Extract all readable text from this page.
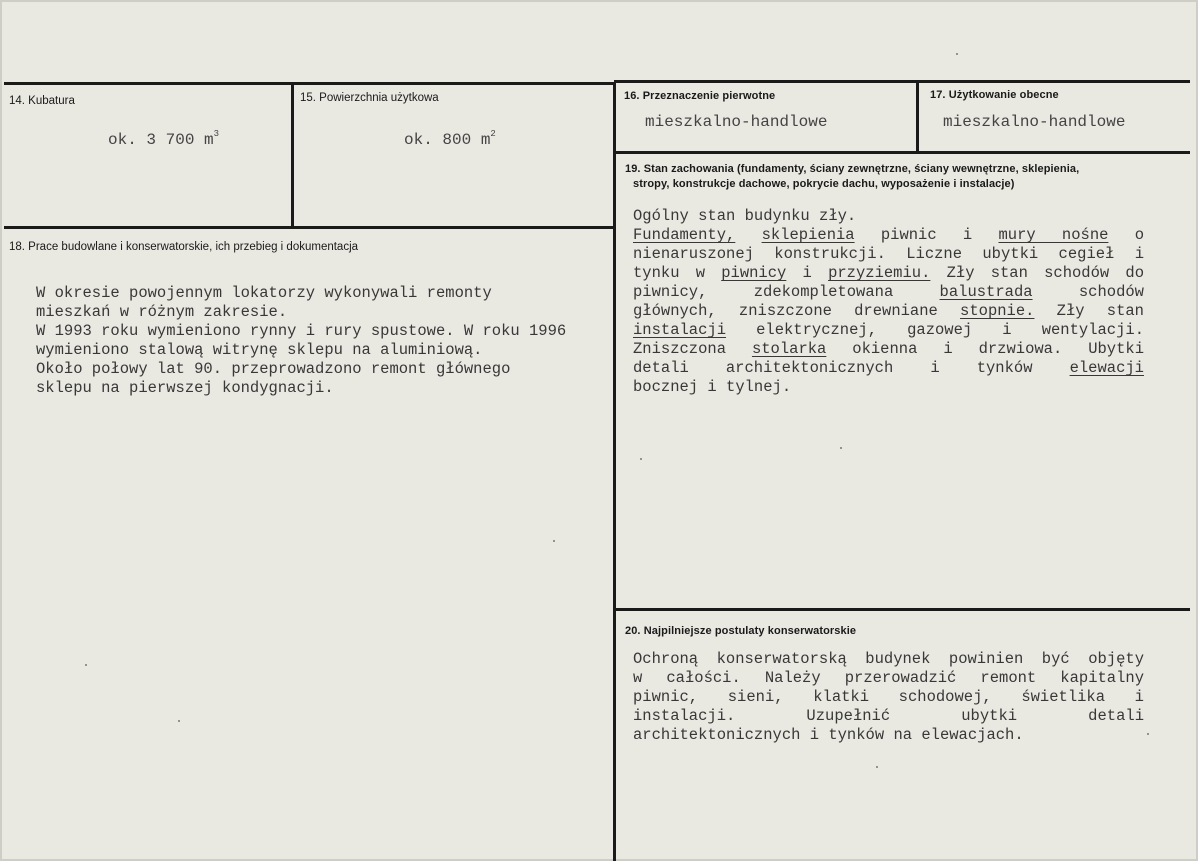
14. Kubatura
ok. 3 700 $m^3$
15. Powierzchnia użytkowa
ok. 800 $m^2$
16. Przeznaczenie pierwotne
mieszkalno-handlowe
17. Użytkowanie obecne
mieszkalno-handlowe
18. Prace budowlane i konserwatorskie, ich przebieg i dokumentacja
W okresie powojennym lokatorzy wykonywali remonty
mieszkań w różnym zakresie.
W 1993 roku wymieniono rynny i rury spustowe. W roku 1996
wymieniono stalową witrynę sklepu na aluminiową.
Około połowy lat 90. przeprowadzono remont głównego
sklepu na pierwszej kondygnacji.
19. Stan zachowania (fundamenty, ściany zewnętrzne, ściany wewnętrzne, sklepienia,
stropy, konstrukcje dachowe, pokrycie dachu, wyposażenie i instalacje)
Ogólny stan budynku zły.
Fundamenty, sklepienia piwnic i mury nośne o
nienaruszonej konstrukcji. Liczne ubytki cegieł i
tynku w piwnicy i przyziemiu. Zły stan schodów do
piwnicy,	zdekompletowana	balustrada	schodów
głównych, zniszczone drewniane stopnie. Zły stan
instalacji elektrycznej, gazowej i wentylacji.
Zniszczona stolarka okienna i drzwiowa. Ubytki
detali architektonicznych i tynków elewacji
bocznej i tylnej.
20. Najpilniejsze postulaty konserwatorskie
Ochroną konserwatorską budynek powinien być objęty
w całości. Należy przerowadzić remont kapitalny
piwnic, sieni, klatki schodowej, świetlika i
instalacji. Uzupełnić ubytki detali
architektonicznych i tynków na elewacjach.
